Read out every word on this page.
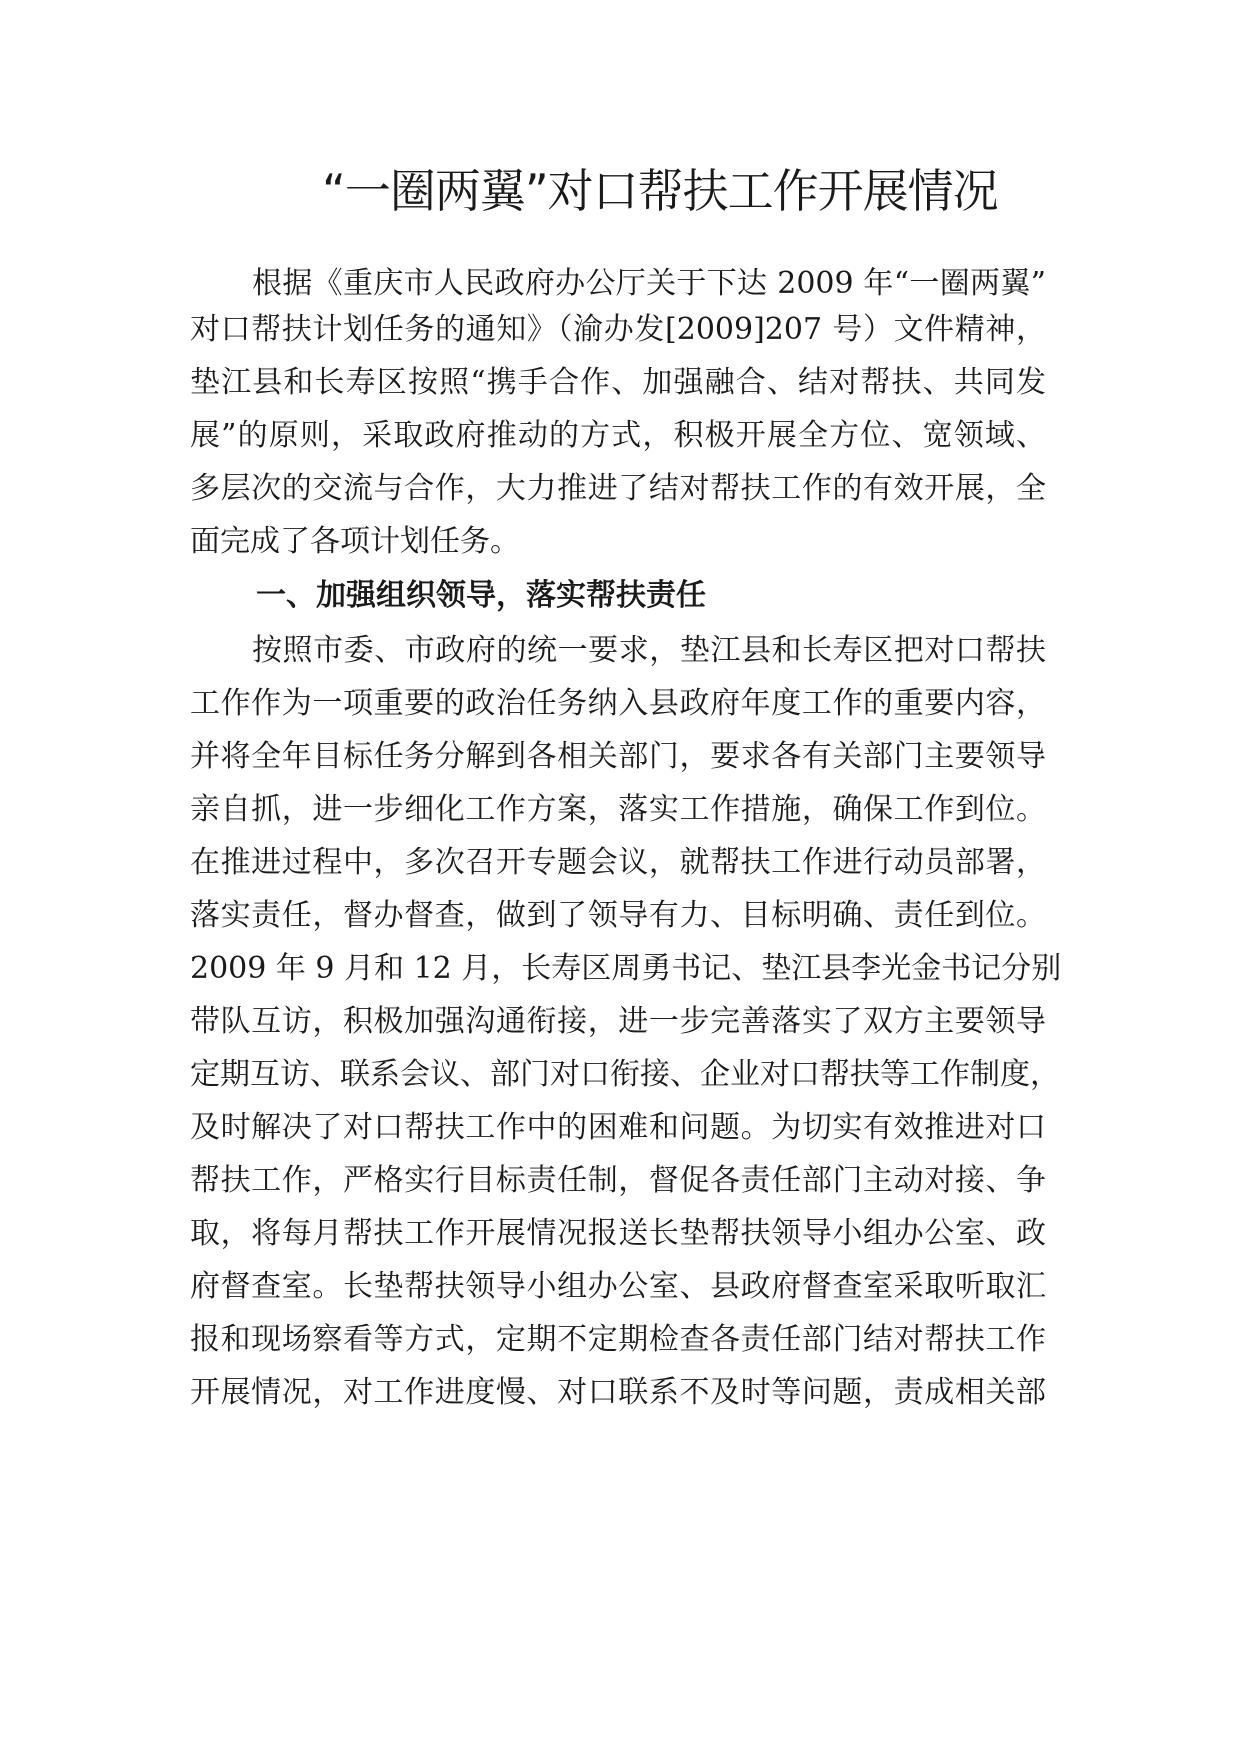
“一圈两翼”对口帮扶工作开展情况

根据《重庆市人民政府办公厅关于下达 2009 年“一圈两翼”

对口帮扶计划任务的通知》（渝办发[2009]207 号）文件精神，

垫江县和长寿区按照“携手合作、加强融合、结对帮扶、共同发

展”的原则，采取政府推动的方式，积极开展全方位、宽领域、

多层次的交流与合作，大力推进了结对帮扶工作的有效开展，全

面完成了各项计划任务。

一、加强组织领导，落实帮扶责任

按照市委、市政府的统一要求，垫江县和长寿区把对口帮扶

工作作为一项重要的政治任务纳入县政府年度工作的重要内容，

并将全年目标任务分解到各相关部门，要求各有关部门主要领导

亲自抓，进一步细化工作方案，落实工作措施，确保工作到位。

在推进过程中，多次召开专题会议，就帮扶工作进行动员部署，

落实责任，督办督查，做到了领导有力、目标明确、责任到位。

2009 年 9 月和 12 月，长寿区周勇书记、垫江县李光金书记分别

带队互访，积极加强沟通衔接，进一步完善落实了双方主要领导

定期互访、联系会议、部门对口衔接、企业对口帮扶等工作制度，

及时解决了对口帮扶工作中的困难和问题。为切实有效推进对口

帮扶工作，严格实行目标责任制，督促各责任部门主动对接、争

取，将每月帮扶工作开展情况报送长垫帮扶领导小组办公室、政

府督查室。长垫帮扶领导小组办公室、县政府督查室采取听取汇

报和现场察看等方式，定期不定期检查各责任部门结对帮扶工作

开展情况，对工作进度慢、对口联系不及时等问题，责成相关部
